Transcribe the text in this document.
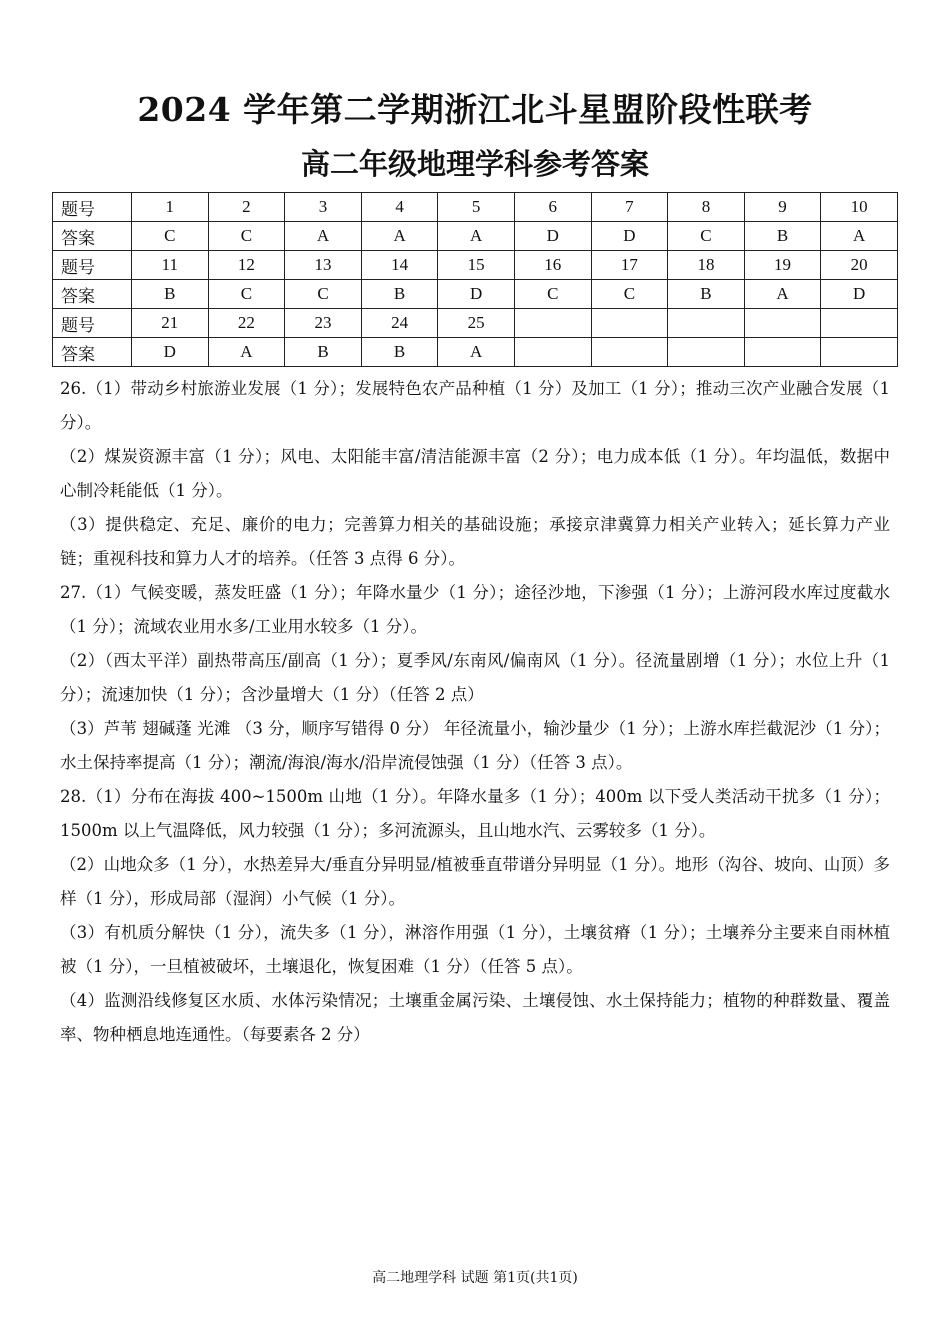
2024 学年第二学期浙江北斗星盟阶段性联考
高二年级地理学科参考答案
题号	1	2	3	4	5	6	7	8	9	10
答案	C	C	A	A	A	D	D	C	B	A
题号	11	12	13	14	15	16	17	18	19	20
答案	B	C	C	B	D	C	C	B	A	D
题号	21	22	23	24	25					
答案	D	A	B	B	A					

26.（1）带动乡村旅游业发展（1 分）；发展特色农产品种植（1 分）及加工（1 分）；推动三次产业融合发展（1 分）。

（2）煤炭资源丰富（1 分）；风电、太阳能丰富/清洁能源丰富（2 分）；电力成本低（1 分）。年均温低，数据中心制冷耗能低（1 分）。

（3）提供稳定、充足、廉价的电力；完善算力相关的基础设施；承接京津冀算力相关产业转入；延长算力产业链；重视科技和算力人才的培养。（任答 3 点得 6 分）。

27.（1）气候变暖，蒸发旺盛（1 分）；年降水量少（1 分）；途径沙地，下渗强（1 分）；上游河段水库过度截水（1 分）；流域农业用水多/工业用水较多（1 分）。

（2）（西太平洋）副热带高压/副高（1 分）；夏季风/东南风/偏南风（1 分）。径流量剧增（1 分）；水位上升（1 分）；流速加快（1 分）；含沙量增大（1 分）（任答 2 点）

（3）芦苇 翅碱蓬 光滩 （3 分，顺序写错得 0 分） 年径流量小，输沙量少（1 分）；上游水库拦截泥沙（1 分）；水土保持率提高（1 分）；潮流/海浪/海水/沿岸流侵蚀强（1 分）（任答 3 点）。

28.（1）分布在海拔 400~1500m 山地（1 分）。年降水量多（1 分）；400m 以下受人类活动干扰多（1 分）；1500m 以上气温降低，风力较强（1 分）；多河流源头，且山地水汽、云雾较多（1 分）。

（2）山地众多（1 分），水热差异大/垂直分异明显/植被垂直带谱分异明显（1 分）。地形（沟谷、坡向、山顶）多样（1 分），形成局部（湿润）小气候（1 分）。

（3）有机质分解快（1 分），流失多（1 分），淋溶作用强（1 分），土壤贫瘠（1 分）；土壤养分主要来自雨林植被（1 分），一旦植被破坏，土壤退化，恢复困难（1 分）（任答 5 点）。

（4）监测沿线修复区水质、水体污染情况；土壤重金属污染、土壤侵蚀、水土保持能力；植物的种群数量、覆盖率、物种栖息地连通性。（每要素各 2 分）

高二地理学科 试题 第1页(共1页)
